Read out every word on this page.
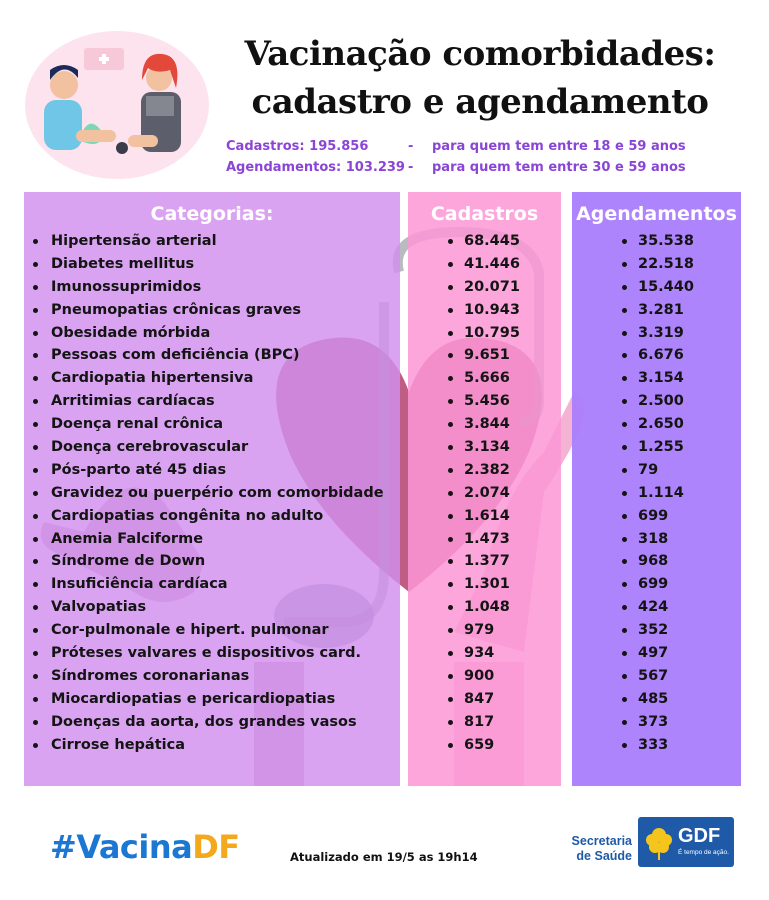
Vacinação comorbidades:
cadastro e agendamento
Cadastros: 195.856	- para quem tem entre 18 e 59 anos
Agendamentos: 103.239 - para quem tem entre 30 e 59 anos
Categorias:
Hipertensão arterial
Diabetes mellitus
Imunossuprimidos
Pneumopatias crônicas graves
Obesidade mórbida
Pessoas com deficiência (BPC)
Cardiopatia hipertensiva
Arritimias cardíacas
Doença renal crônica
Doença cerebrovascular
Pós-parto até 45 dias
Gravidez ou puerpério com comorbidade
Cardiopatias congênita no adulto
Anemia Falciforme
Síndrome de Down
Insuficiência cardíaca
Valvopatias
Cor-pulmonale e hipert. pulmonar
Próteses valvares e dispositivos card.
Síndromes coronarianas
Miocardiopatias e pericardiopatias
Doenças da aorta, dos grandes vasos
Cirrose hepática
Cadastros
68.445
41.446
20.071
10.943
10.795
9.651
5.666
5.456
3.844
3.134
2.382
2.074
1.614
1.473
1.377
1.301
1.048
979
934
900
847
817
659
Agendamentos
35.538
22.518
15.440
3.281
3.319
6.676
3.154
2.500
2.650
1.255
79
1.114
699
318
968
699
424
352
497
567
485
373
333
#VacinaDF	Atualizado em 19/5 as 19h14
Secretaria
de Saúde
GDF
É tempo de ação.
